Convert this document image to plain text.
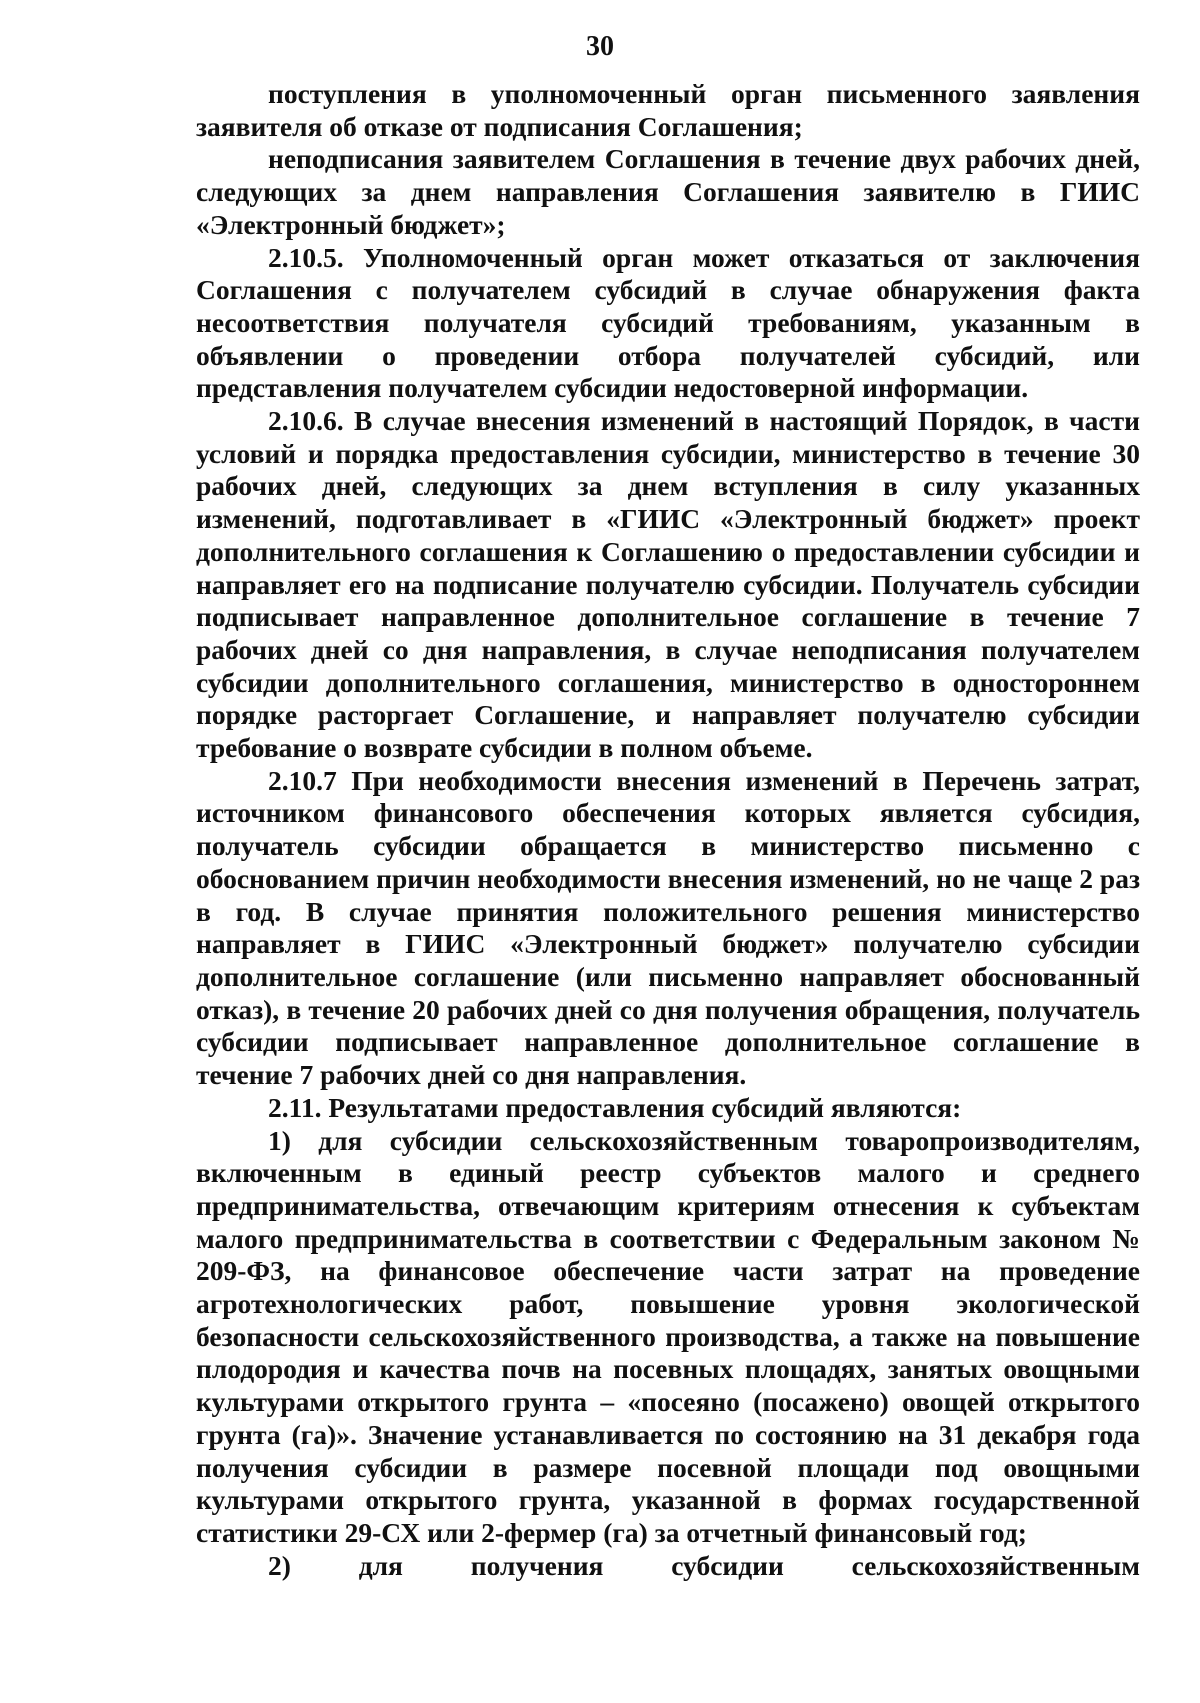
30

поступления в уполномоченный орган письменного заявления заявителя об отказе от подписания Соглашения;

неподписания заявителем Соглашения в течение двух рабочих дней, следующих за днем направления Соглашения заявителю в ГИИС «Электронный бюджет»;

2.10.5. Уполномоченный орган может отказаться от заключения Соглашения с получателем субсидий в случае обнаружения факта несоответствия получателя субсидий требованиям, указанным в объявлении о проведении отбора получателей субсидий, или представления получателем субсидии недостоверной информации.

2.10.6. В случае внесения изменений в настоящий Порядок, в части условий и порядка предоставления субсидии, министерство в течение 30 рабочих дней, следующих за днем вступления в силу указанных изменений, подготавливает в «ГИИС «Электронный бюджет» проект дополнительного соглашения к Соглашению о предоставлении субсидии и направляет его на подписание получателю субсидии. Получатель субсидии подписывает направленное дополнительное соглашение в течение 7 рабочих дней со дня направления, в случае неподписания получателем субсидии дополнительного соглашения, министерство в одностороннем порядке расторгает Соглашение, и направляет получателю субсидии требование о возврате субсидии в полном объеме.

2.10.7 При необходимости внесения изменений в Перечень затрат, источником финансового обеспечения которых является субсидия, получатель субсидии обращается в министерство письменно с обоснованием причин необходимости внесения изменений, но не чаще 2 раз в год. В случае принятия положительного решения министерство направляет в ГИИС «Электронный бюджет» получателю субсидии дополнительное соглашение (или письменно направляет обоснованный отказ), в течение 20 рабочих дней со дня получения обращения, получатель субсидии подписывает направленное дополнительное соглашение в течение 7 рабочих дней со дня направления.

2.11. Результатами предоставления субсидий являются:

1) для субсидии сельскохозяйственным товаропроизводителям, включенным в единый реестр субъектов малого и среднего предпринимательства, отвечающим критериям отнесения к субъектам малого предпринимательства в соответствии с Федеральным законом № 209-ФЗ, на финансовое обеспечение части затрат на проведение агротехнологических работ, повышение уровня экологической безопасности сельскохозяйственного производства, а также на повышение плодородия и качества почв на посевных площадях, занятых овощными культурами открытого грунта – «посеяно (посажено) овощей открытого грунта (га)». Значение устанавливается по состоянию на 31 декабря года получения субсидии в размере посевной площади под овощными культурами открытого грунта, указанной в формах государственной статистики 29-СХ или 2-фермер (га) за отчетный финансовый год;

2) для получения субсидии сельскохозяйственным
